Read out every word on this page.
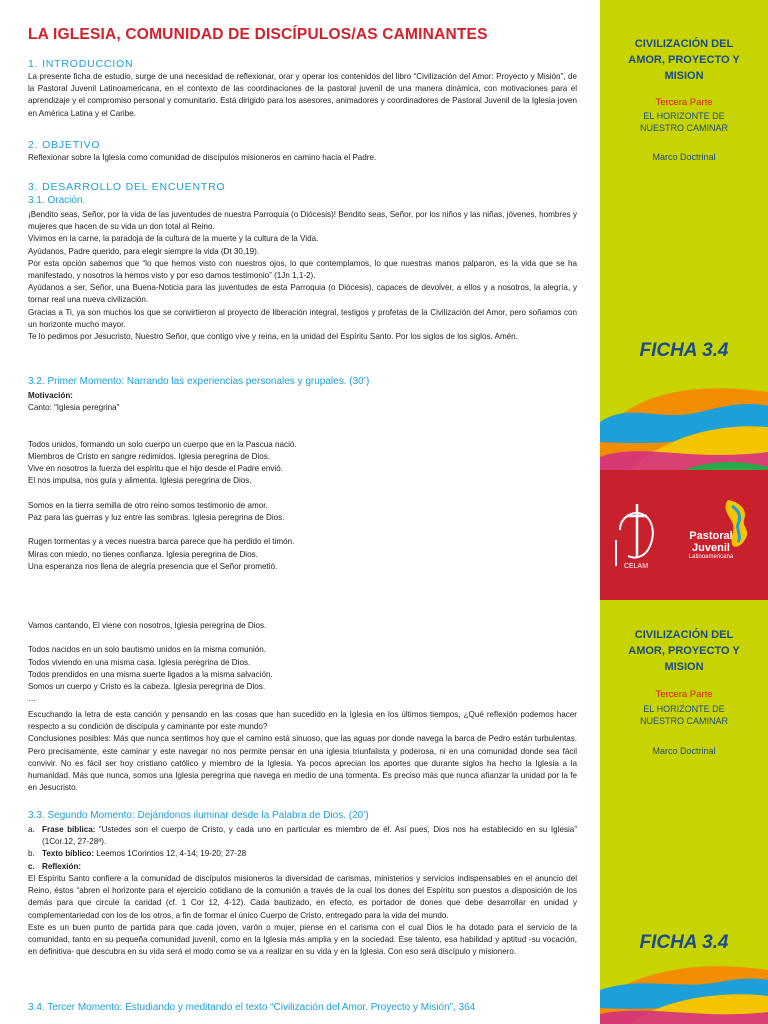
LA IGLESIA, COMUNIDAD DE DISCÍPULOS/AS CAMINANTES
1. INTRODUCCION
La presente ficha de estudio, surge de una necesidad de reflexionar, orar y operar los contenidos del libro “Civilización del Amor: Proyecto y Misión”, de la Pastoral Juvenil Latinoamericana, en el contexto de las coordinaciones de la pastoral juvenil de una manera dinámica, con motivaciones para el aprendizaje y el compromiso personal y comunitario. Está dirigido para los asesores, animadores y coordinadores de Pastoral Juvenil de la Iglesia joven en América Latina y el Caribe.
2. OBJETIVO
Reflexionar sobre la Iglesia como comunidad de discípulos misioneros en camino hacia el Padre.
3. DESARROLLO DEL ENCUENTRO
3.1. Oración.
¡Bendito seas, Señor, por la vida de las juventudes de nuestra Parroquia (o Diócesis)! Bendito seas, Señor, por los niños y las niñas, jóvenes, hombres y mujeres que hacen de su vida un don total al Reino.
Vivimos en la carne, la paradoja de la cultura de la muerte y la cultura de la Vida.
Ayúdanos, Padre querido, para elegir siempre la vida (Dt 30,19).
Por esta opción sabemos que “lo que hemos visto con nuestros ojos, lo que contemplamos, lo que nuestras manos palparon, es la vida que se ha manifestado, y nosotros la hemos visto y por eso damos testimonio” (1Jn 1,1-2).
Ayúdanos a ser, Señor, una Buena-Noticia para las juventudes de esta Parroquia (o Diócesis), capaces de devolver, a ellos y a nosotros, la alegría, y tornar real una nueva civilización.
Gracias a Ti, ya son muchos los que se convirtieron al proyecto de liberación integral, testigos y profetas de la Civilización del Amor, pero soñamos con un horizonte mucho mayor.
Te lo pedimos por Jesucristo, Nuestro Señor, que contigo vive y reina, en la unidad del Espíritu Santo. Por los siglos de los siglos. Amén.
3.2. Primer Momento: Narrando las experiencias personales y grupales. (30’)
Motivación:
Canto: “Iglesia peregrina”
Todos unidos, formando un solo cuerpo un cuerpo que en la Pascua nació.
Miembros de Cristo en sangre redimidos. Iglesia peregrina de Dios.
Vive en nosotros la fuerza del espíritu que el hijo desde el Padre envió.
El nos impulsa, nos guía y alimenta. Iglesia peregrina de Dios.
Somos en la tierra semilla de otro reino somos testimonio de amor.
Paz para las guerras y luz entre las sombras. Iglesia peregrina de Dios.
Rugen tormentas y a veces nuestra barca parece que ha perdido el timón.
Miras con miedo, no tienes confianza. Iglesia peregrina de Dios.
Una esperanza nos llena de alegría presencia que el Señor prometió.
Vamos cantando, El viene con nosotros, Iglesia peregrina de Dios.
Todos nacidos en un solo bautismo unidos en la misma comunión.
Todos viviendo en una misma casa. Iglesia peregrina de Dios.
Todos prendidos en una misma suerte ligados a la misma salvación.
Somos un cuerpo y Cristo es la cabeza. Iglesia peregrina de Dios.
…
Escuchando la letra de esta canción y pensando en las cosas que han sucedido en la Iglesia en los últimos tiempos, ¿Qué reflexión podemos hacer respecto a su condición de discípula y caminante por este mundo?
Conclusiones posibles: Más que nunca sentimos hoy que el camino está sinuoso, que las aguas por donde navega la barca de Pedro están turbulentas. Pero precisamente, este caminar y este navegar no nos permite pensar en una iglesia triunfalista y poderosa, ni en una comunidad donde sea fácil convivir. No es fácil ser hoy cristiano católico y miembro de la Iglesia. Ya pocos aprecian los aportes que durante siglos ha hecho la Iglesia a la humanidad. Más que nunca, somos una Iglesia peregrina que navega en medio de una tormenta. Es preciso más que nunca afianzar la unidad por la fe en Jesucristo.
3.3. Segundo Momento: Dejándonos iluminar desde la Palabra de Dios. (20’)
a. Frase bíblica: “Ustedes son el cuerpo de Cristo, y cada uno en particular es miembro de él. Así pues, Dios nos ha establecido en su Iglesia” (1Cor.12, 27-28ª).
b. Texto bíblico: Leemos 1Corintios 12, 4-14; 19-20; 27-28
c. Reflexión:
El Espíritu Santo confiere a la comunidad de discípulos misioneros la diversidad de carismas, ministerios y servicios indispensables en el anuncio del Reino, éstos “abren el horizonte para el ejercicio cotidiano de la comunión a través de la cual los dones del Espíritu son puestos a disposición de los demás para que circule la caridad (cf. 1 Cor 12, 4-12). Cada bautizado, en efecto, es portador de dones que debe desarrollar en unidad y complementariedad con los de los otros, a fin de formar el único Cuerpo de Cristo, entregado para la vida del mundo.
Este es un buen punto de partida para que cada joven, varón o mujer, piense en el carisma con el cual Dios le ha dotado para el servicio de la comunidad, tanto en su pequeña comunidad juvenil, como en la Iglesia más amplia y en la sociedad. Ese talento, esa habilidad y aptitud -su vocación, en definitiva- que descubra en su vida será el modo como se va a realizar en su vida y en la Iglesia. Con eso será discípulo y misionero.
3.4. Tercer Momento: Estudiando y meditando el texto “Civilización del Amor. Proyecto y Misión”, 364
CIVILIZACIÓN DEL
AMOR, PROYECTO Y
MISION
Tercera Parte
EL HORIZONTE DE
NUESTRO CAMINAR
Marco Doctrinal
FICHA 3.4
CELAM
Pastoral
Juvenil
Latinoamericana
CIVILIZACIÓN DEL
AMOR, PROYECTO Y
MISION
Tercera Parte
EL HORIZONTE DE
NUESTRO CAMINAR
Marco Doctrinal
FICHA 3.4
